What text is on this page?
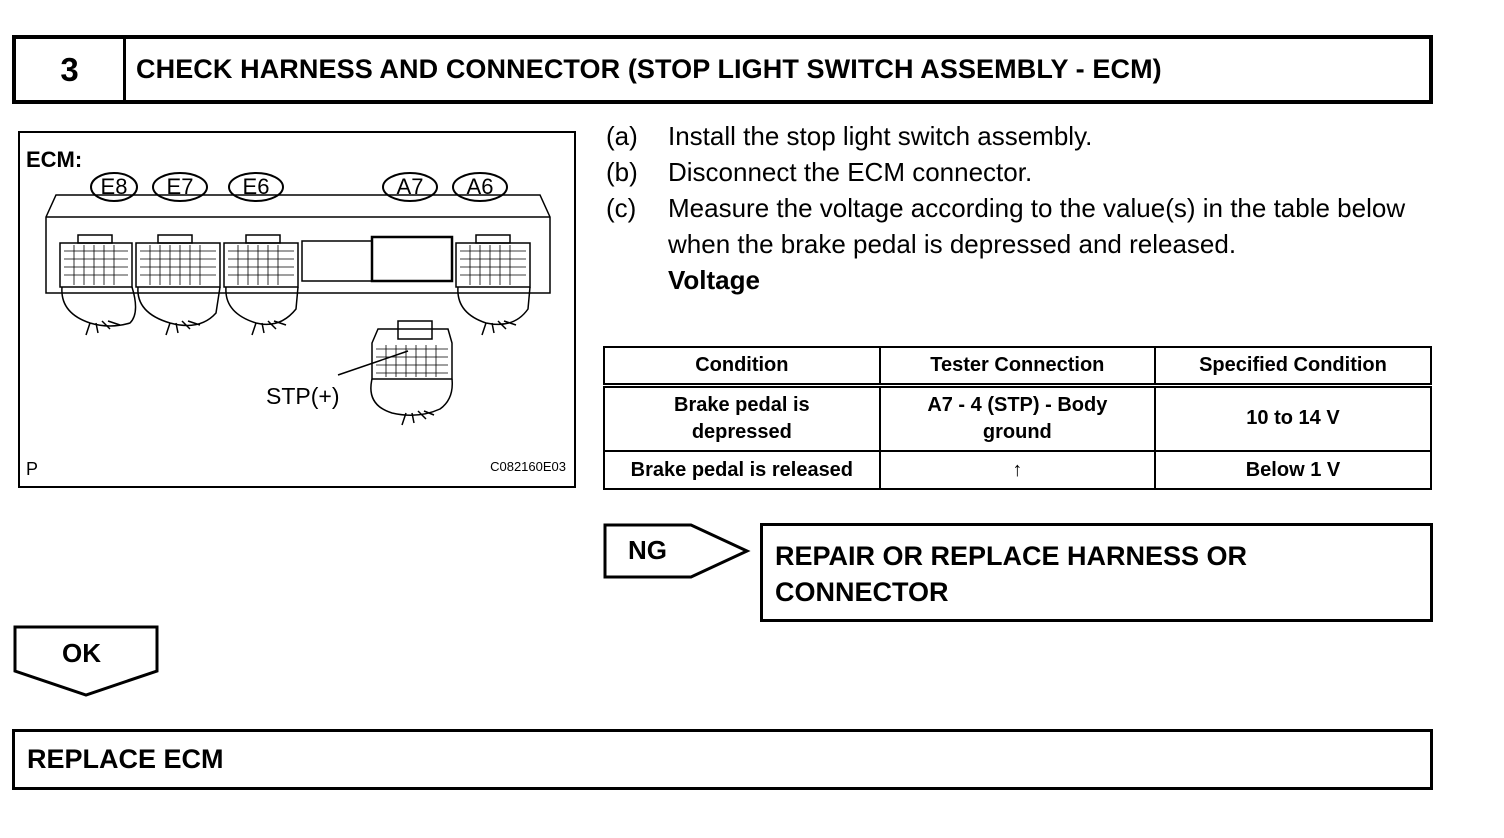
3	CHECK HARNESS AND CONNECTOR (STOP LIGHT SWITCH ASSEMBLY - ECM)
ECM:
E8	E7	E6	A7	A6
STP(+)
P	C082160E03
(a)	Install the stop light switch assembly.
(b)	Disconnect the ECM connector.
(c)	Measure the voltage according to the value(s) in the table below when the brake pedal is depressed and released.
Voltage
Condition	Tester Connection	Specified Condition
Brake pedal is depressed	A7 - 4 (STP) - Body ground	10 to 14 V
Brake pedal is released	↑	Below 1 V
NG	REPAIR OR REPLACE HARNESS OR CONNECTOR
OK
REPLACE ECM
